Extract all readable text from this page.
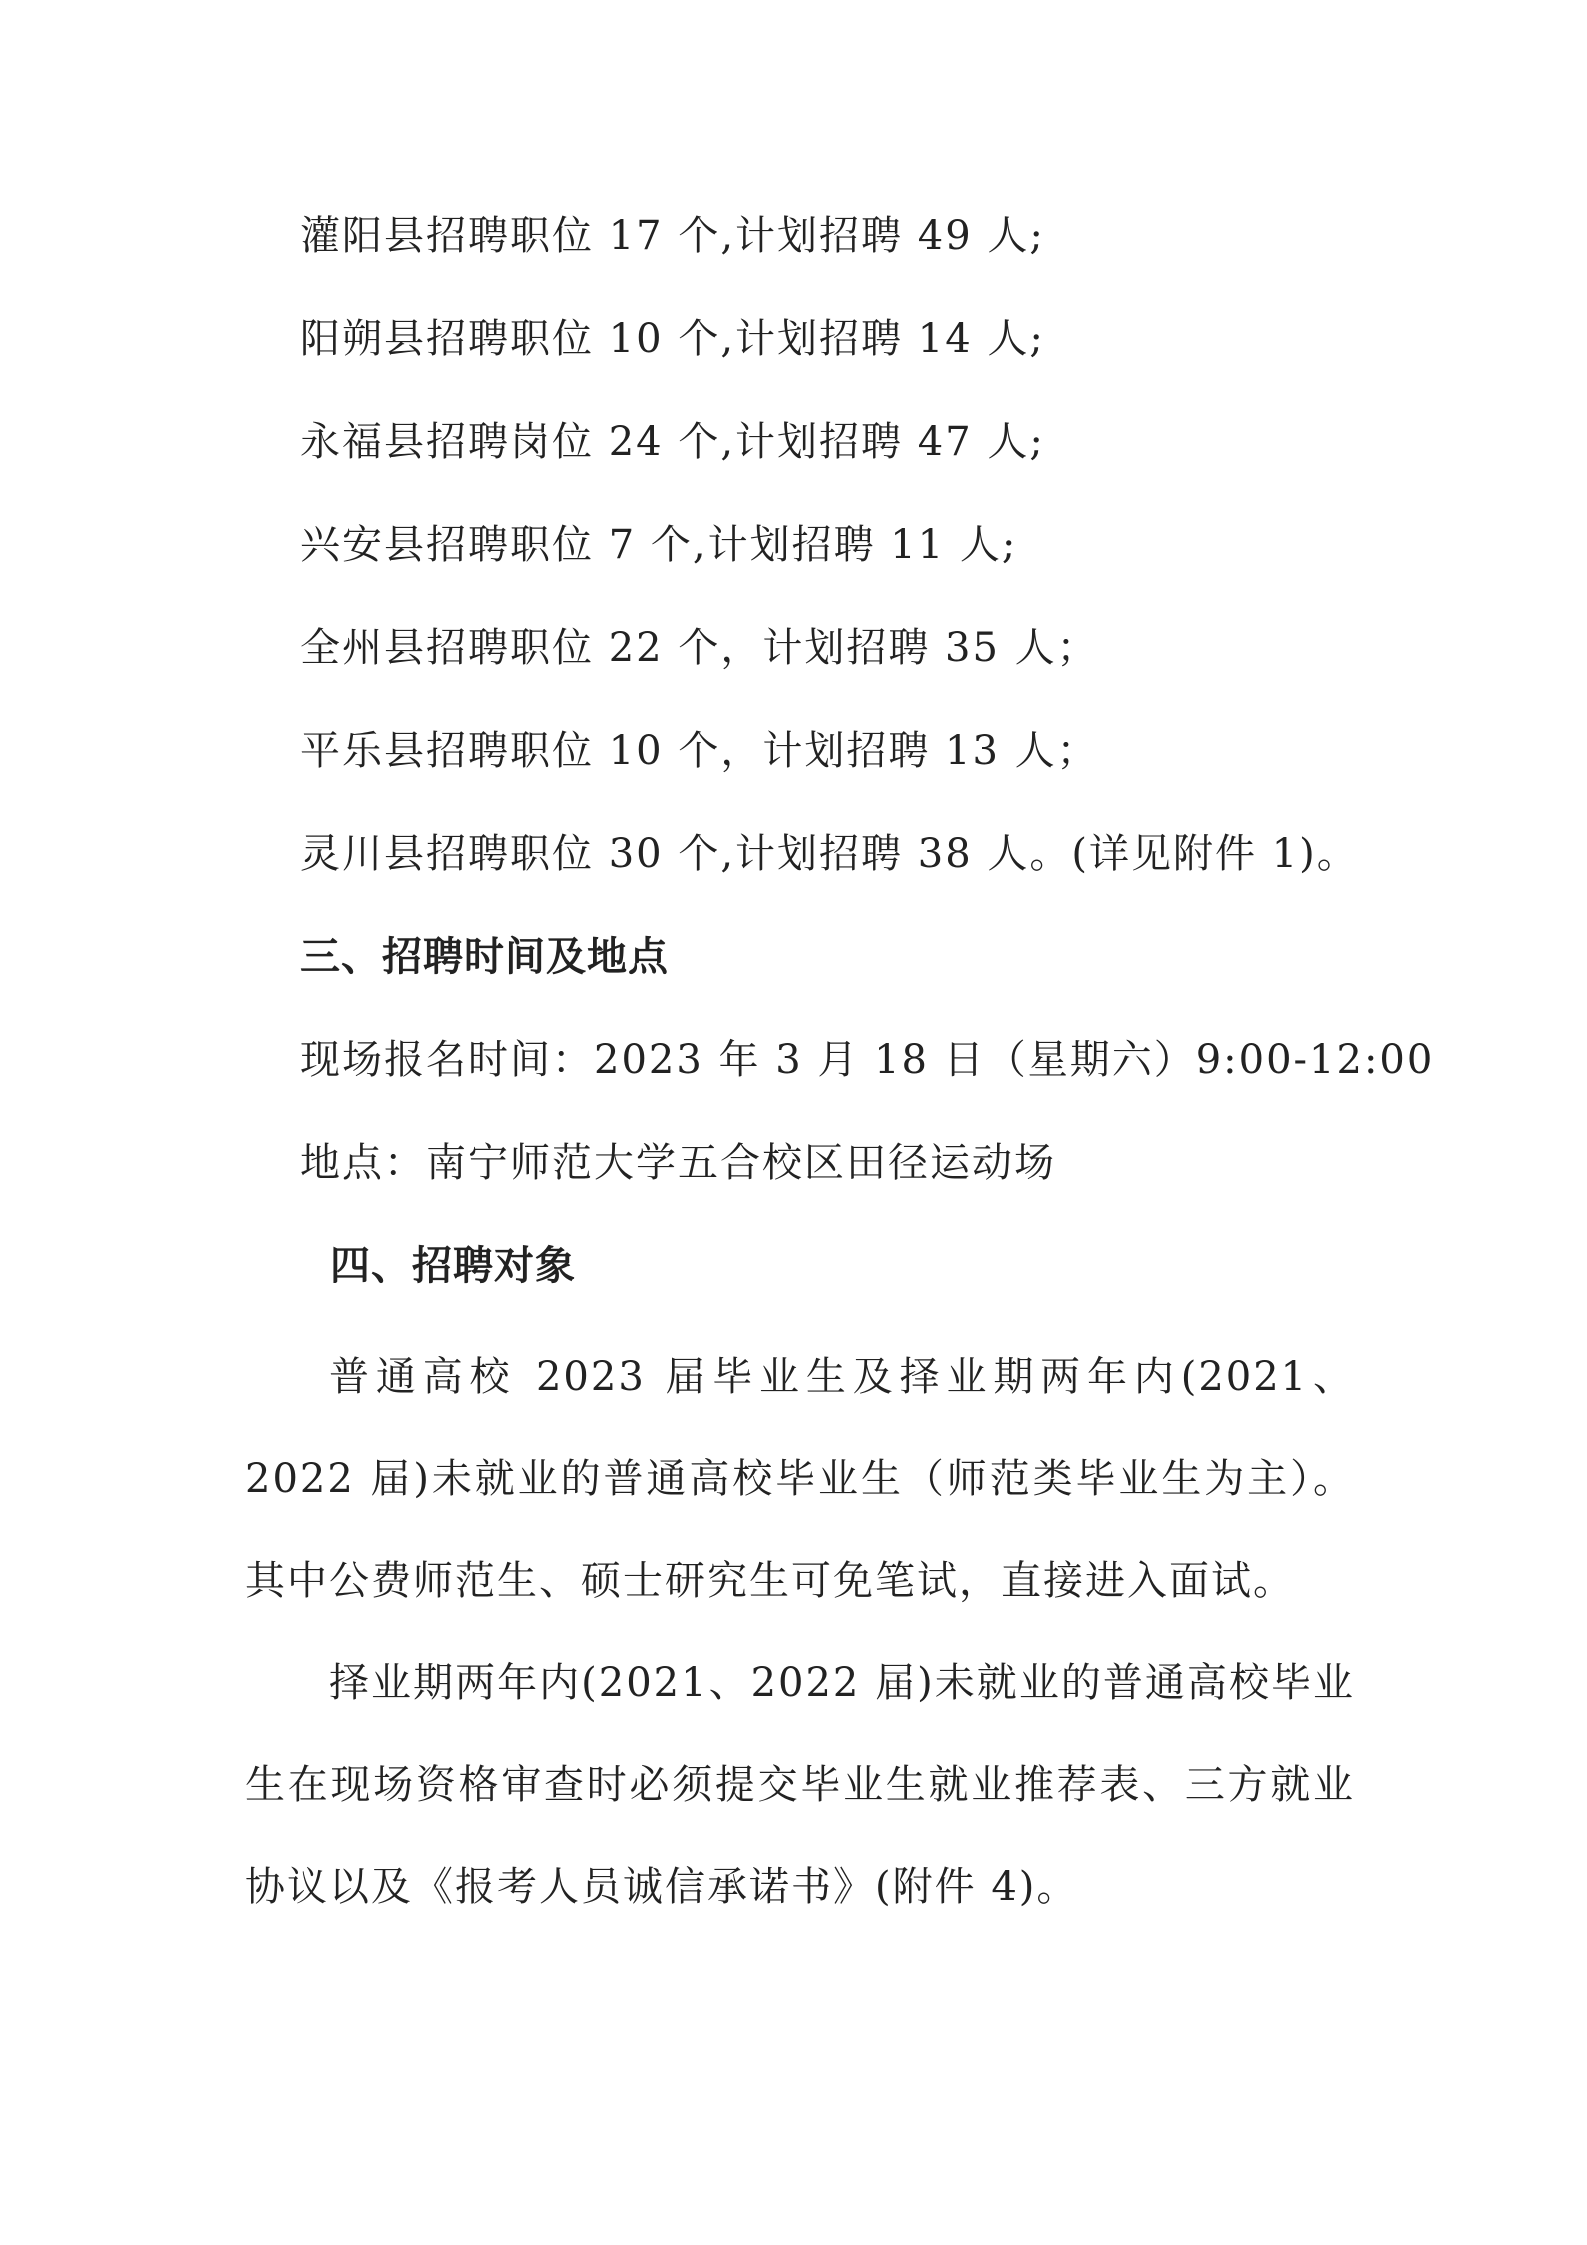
灌阳县招聘职位 17 个,计划招聘 49 人;
阳朔县招聘职位 10 个,计划招聘 14 人;
永福县招聘岗位 24 个,计划招聘 47 人;
兴安县招聘职位 7 个,计划招聘 11 人;
全州县招聘职位 22 个，计划招聘 35 人；
平乐县招聘职位 10 个，计划招聘 13 人；
灵川县招聘职位 30 个,计划招聘 38 人。(详见附件 1)。
三、招聘时间及地点
现场报名时间：2023 年 3 月 18 日（星期六）9:00-12:00
地点：南宁师范大学五合校区田径运动场
四、招聘对象
普通高校 2023 届毕业生及择业期两年内(2021、2022 届)未就业的普通高校毕业生（师范类毕业生为主）。其中公费师范生、硕士研究生可免笔试，直接进入面试。
择业期两年内(2021、2022 届)未就业的普通高校毕业生在现场资格审查时必须提交毕业生就业推荐表、三方就业协议以及《报考人员诚信承诺书》(附件 4)。
